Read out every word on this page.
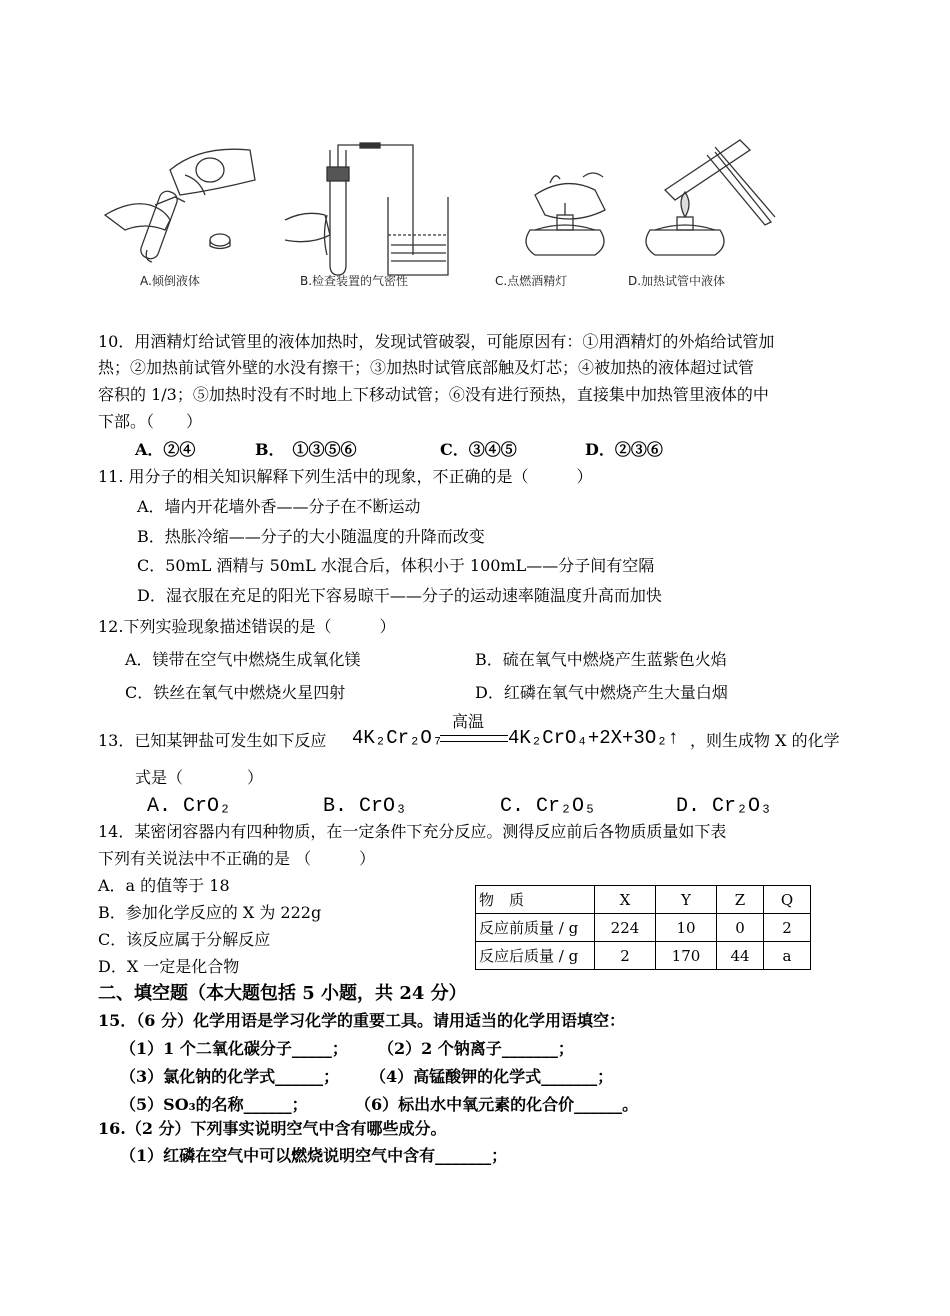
A.倾倒液体	B.检查装置的气密性	C.点燃酒精灯	D.加热试管中液体
10．用酒精灯给试管里的液体加热时，发现试管破裂，可能原因有：①用酒精灯的外焰给试管加
热；②加热前试管外壁的水没有擦干；③加热时试管底部触及灯芯；④被加热的液体超过试管
容积的 1/3；⑤加热时没有不时地上下移动试管；⑥没有进行预热，直接集中加热管里液体的中
下部。（　　）
A．②④	B．　①③⑤⑥	C．③④⑤	D．②③⑥
11. 用分子的相关知识解释下列生活中的现象，不正确的是（　　　）
A．墙内开花墙外香——分子在不断运动
B．热胀冷缩——分子的大小随温度的升降而改变
C．50mL 酒精与 50mL 水混合后，体积小于 100mL——分子间有空隔
D．湿衣服在充足的阳光下容易晾干——分子的运动速率随温度升高而加快
12.下列实验现象描述错误的是（　　　）
A．镁带在空气中燃烧生成氧化镁	B．硫在氧气中燃烧产生蓝紫色火焰
C．铁丝在氧气中燃烧火星四射	D．红磷在氧气中燃烧产生大量白烟
13．已知某钾盐可发生如下反应 4K₂Cr₂O₇
高温
4K₂CrO₄+2X+3O₂↑ ，则生成物 X 的化学
式是（　　　　）
A. CrO₂	B. CrO₃	C. Cr₂O₅	D. Cr₂O₃
14．某密闭容器内有四种物质，在一定条件下充分反应。测得反应前后各物质质量如下表
下列有关说法中不正确的是 （　　　）
A．a 的值等于 18
B．参加化学反应的 X 为 222g
C．该反应属于分解反应
D．X 一定是化合物
物　质	X	Y	Z	Q
反应前质量 / g	224	10	0	2
反应后质量 / g	2	170	44	a
二、填空题（本大题包括 5 小题，共 24 分）
15．（6 分）化学用语是学习化学的重要工具。请用适当的化学用语填空：
（1）1 个二氧化碳分子_____； （2）2 个钠离子_______；
（3）氯化钠的化学式______； （4）高锰酸钾的化学式_______；
（5）SO₃的名称______；	（6）标出水中氧元素的化合价______。
16.（2 分）下列事实说明空气中含有哪些成分。
（1）红磷在空气中可以燃烧说明空气中含有_______；
